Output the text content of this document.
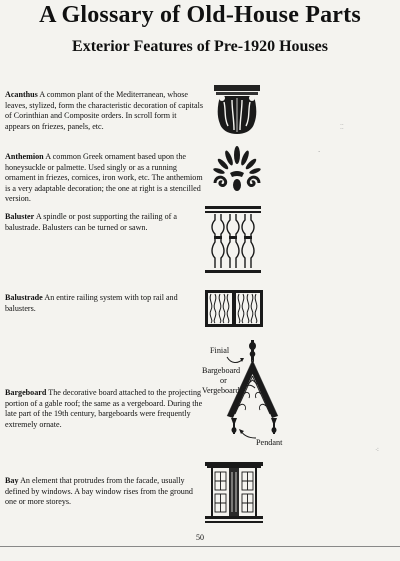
A Glossary of Old-House Parts
Exterior Features of Pre-1920 Houses
Acanthus A common plant of the Mediterranean, whose leaves, stylized, form the characteristic decoration of capitals of Corinthian and Composite orders. In scroll form it appears on friezes, panels, etc.
Anthemion A common Greek ornament based upon the honeysuckle or palmette. Used singly or as a running ornament in friezes, cornices, iron work, etc. The anthemiom is a very adaptable decoration; the one at right is a stencilled version.
Baluster A spindle or post supporting the railing of a balustrade. Balusters can be turned or sawn.
Balustrade An entire railing system with top rail and balusters.
Bargeboard The decorative board attached to the projecting portion of a gable roof; the same as a vergeboard. During the late part of the 19th century, bargeboards were frequently extremely ornate.
Bay An element that protrudes from the facade, usually defined by windows. A bay window rises from the ground one or more storeys.
Finial
Bargeboard
or
Vergeboard
Pendant
ⵆ
·
⁖
50
